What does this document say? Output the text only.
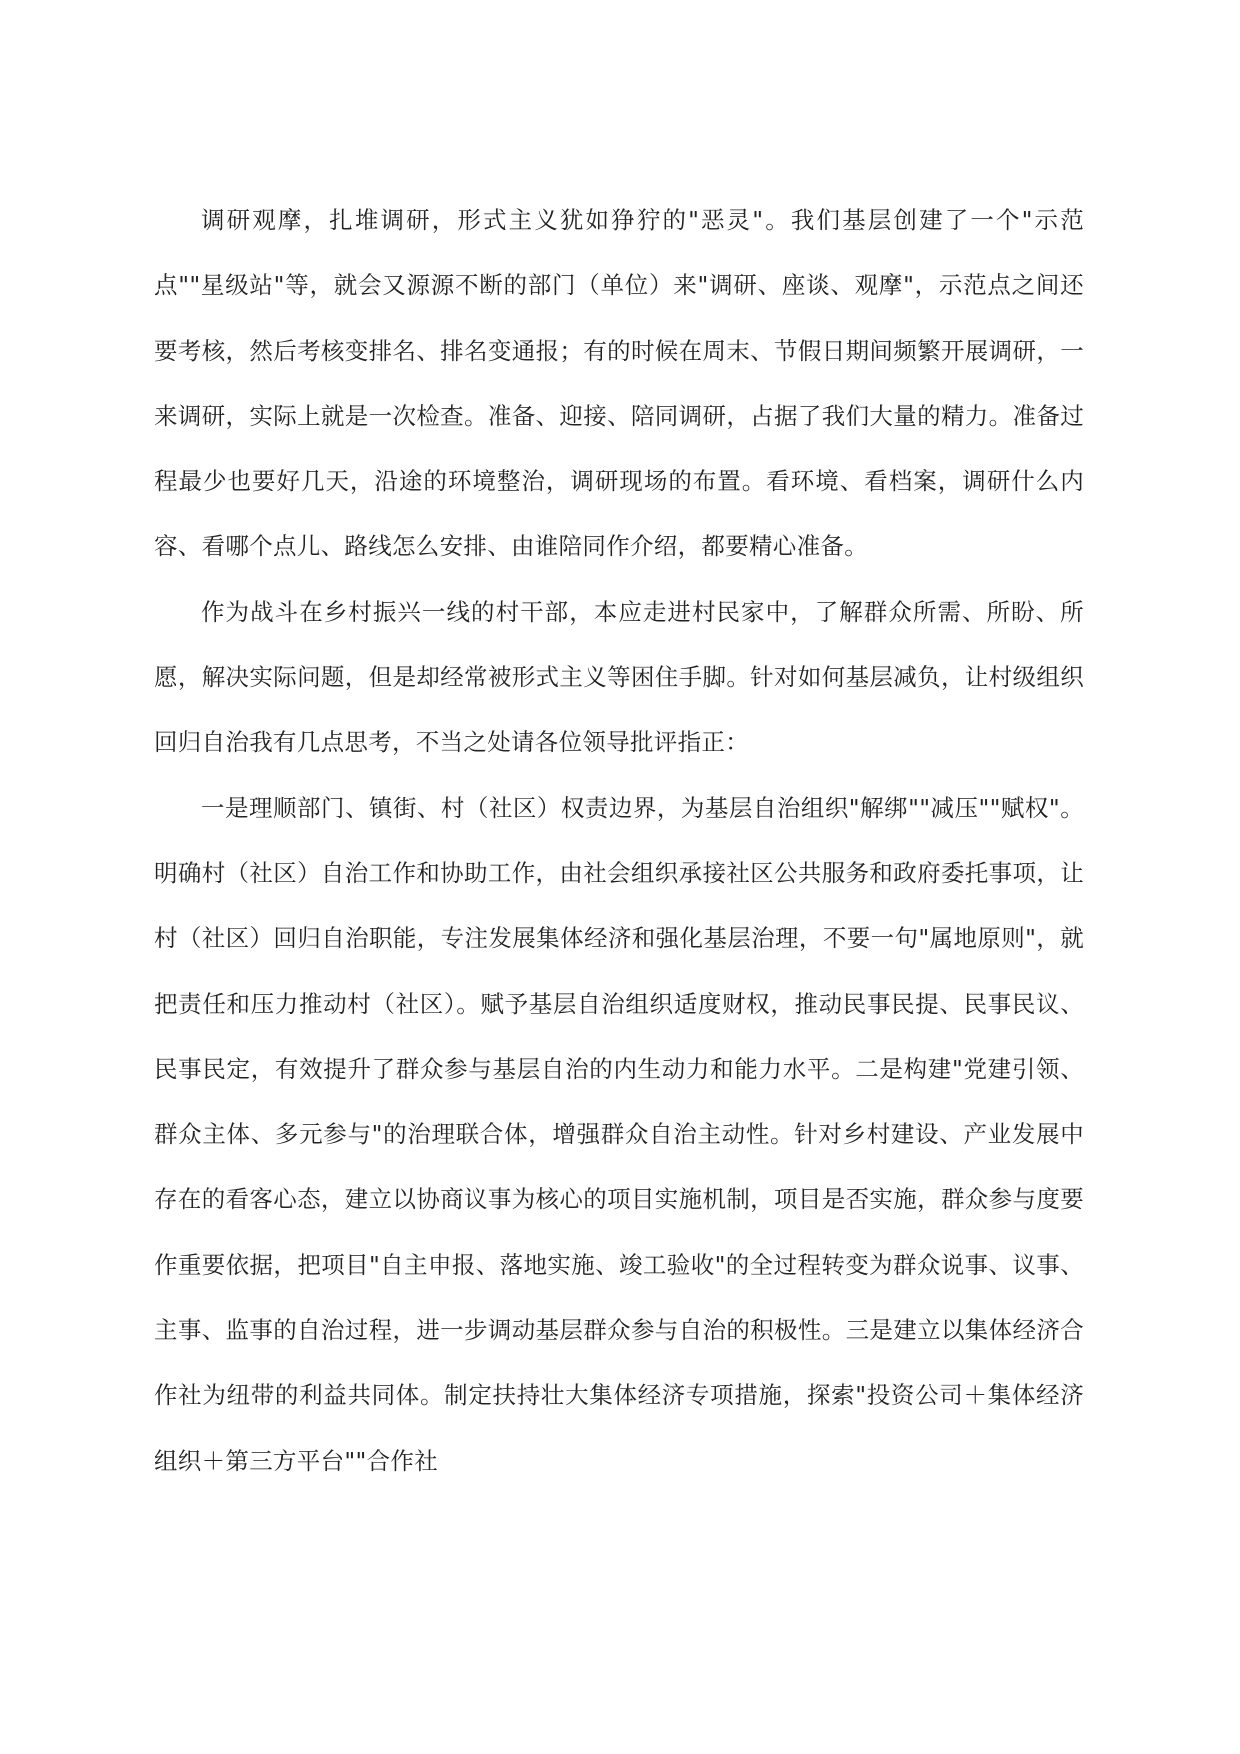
调研观摩，扎堆调研，形式主义犹如狰狞的"恶灵"。我们基层创建了一个"示范点""星级站"等，就会又源源不断的部门（单位）来"调研、座谈、观摩"，示范点之间还要考核，然后考核变排名、排名变通报；有的时候在周末、节假日期间频繁开展调研，一来调研，实际上就是一次检查。准备、迎接、陪同调研，占据了我们大量的精力。准备过程最少也要好几天，沿途的环境整治，调研现场的布置。看环境、看档案，调研什么内容、看哪个点儿、路线怎么安排、由谁陪同作介绍，都要精心准备。

作为战斗在乡村振兴一线的村干部，本应走进村民家中，了解群众所需、所盼、所愿，解决实际问题，但是却经常被形式主义等困住手脚。针对如何基层减负，让村级组织回归自治我有几点思考，不当之处请各位领导批评指正：

一是理顺部门、镇街、村（社区）权责边界，为基层自治组织"解绑""减压""赋权"。明确村（社区）自治工作和协助工作，由社会组织承接社区公共服务和政府委托事项，让村（社区）回归自治职能，专注发展集体经济和强化基层治理，不要一句"属地原则"，就把责任和压力推动村（社区）。赋予基层自治组织适度财权，推动民事民提、民事民议、民事民定，有效提升了群众参与基层自治的内生动力和能力水平。二是构建"党建引领、群众主体、多元参与"的治理联合体，增强群众自治主动性。针对乡村建设、产业发展中存在的看客心态，建立以协商议事为核心的项目实施机制，项目是否实施，群众参与度要作重要依据，把项目"自主申报、落地实施、竣工验收"的全过程转变为群众说事、议事、主事、监事的自治过程，进一步调动基层群众参与自治的积极性。三是建立以集体经济合作社为纽带的利益共同体。制定扶持壮大集体经济专项措施，探索"投资公司＋集体经济组织＋第三方平台""合作社
